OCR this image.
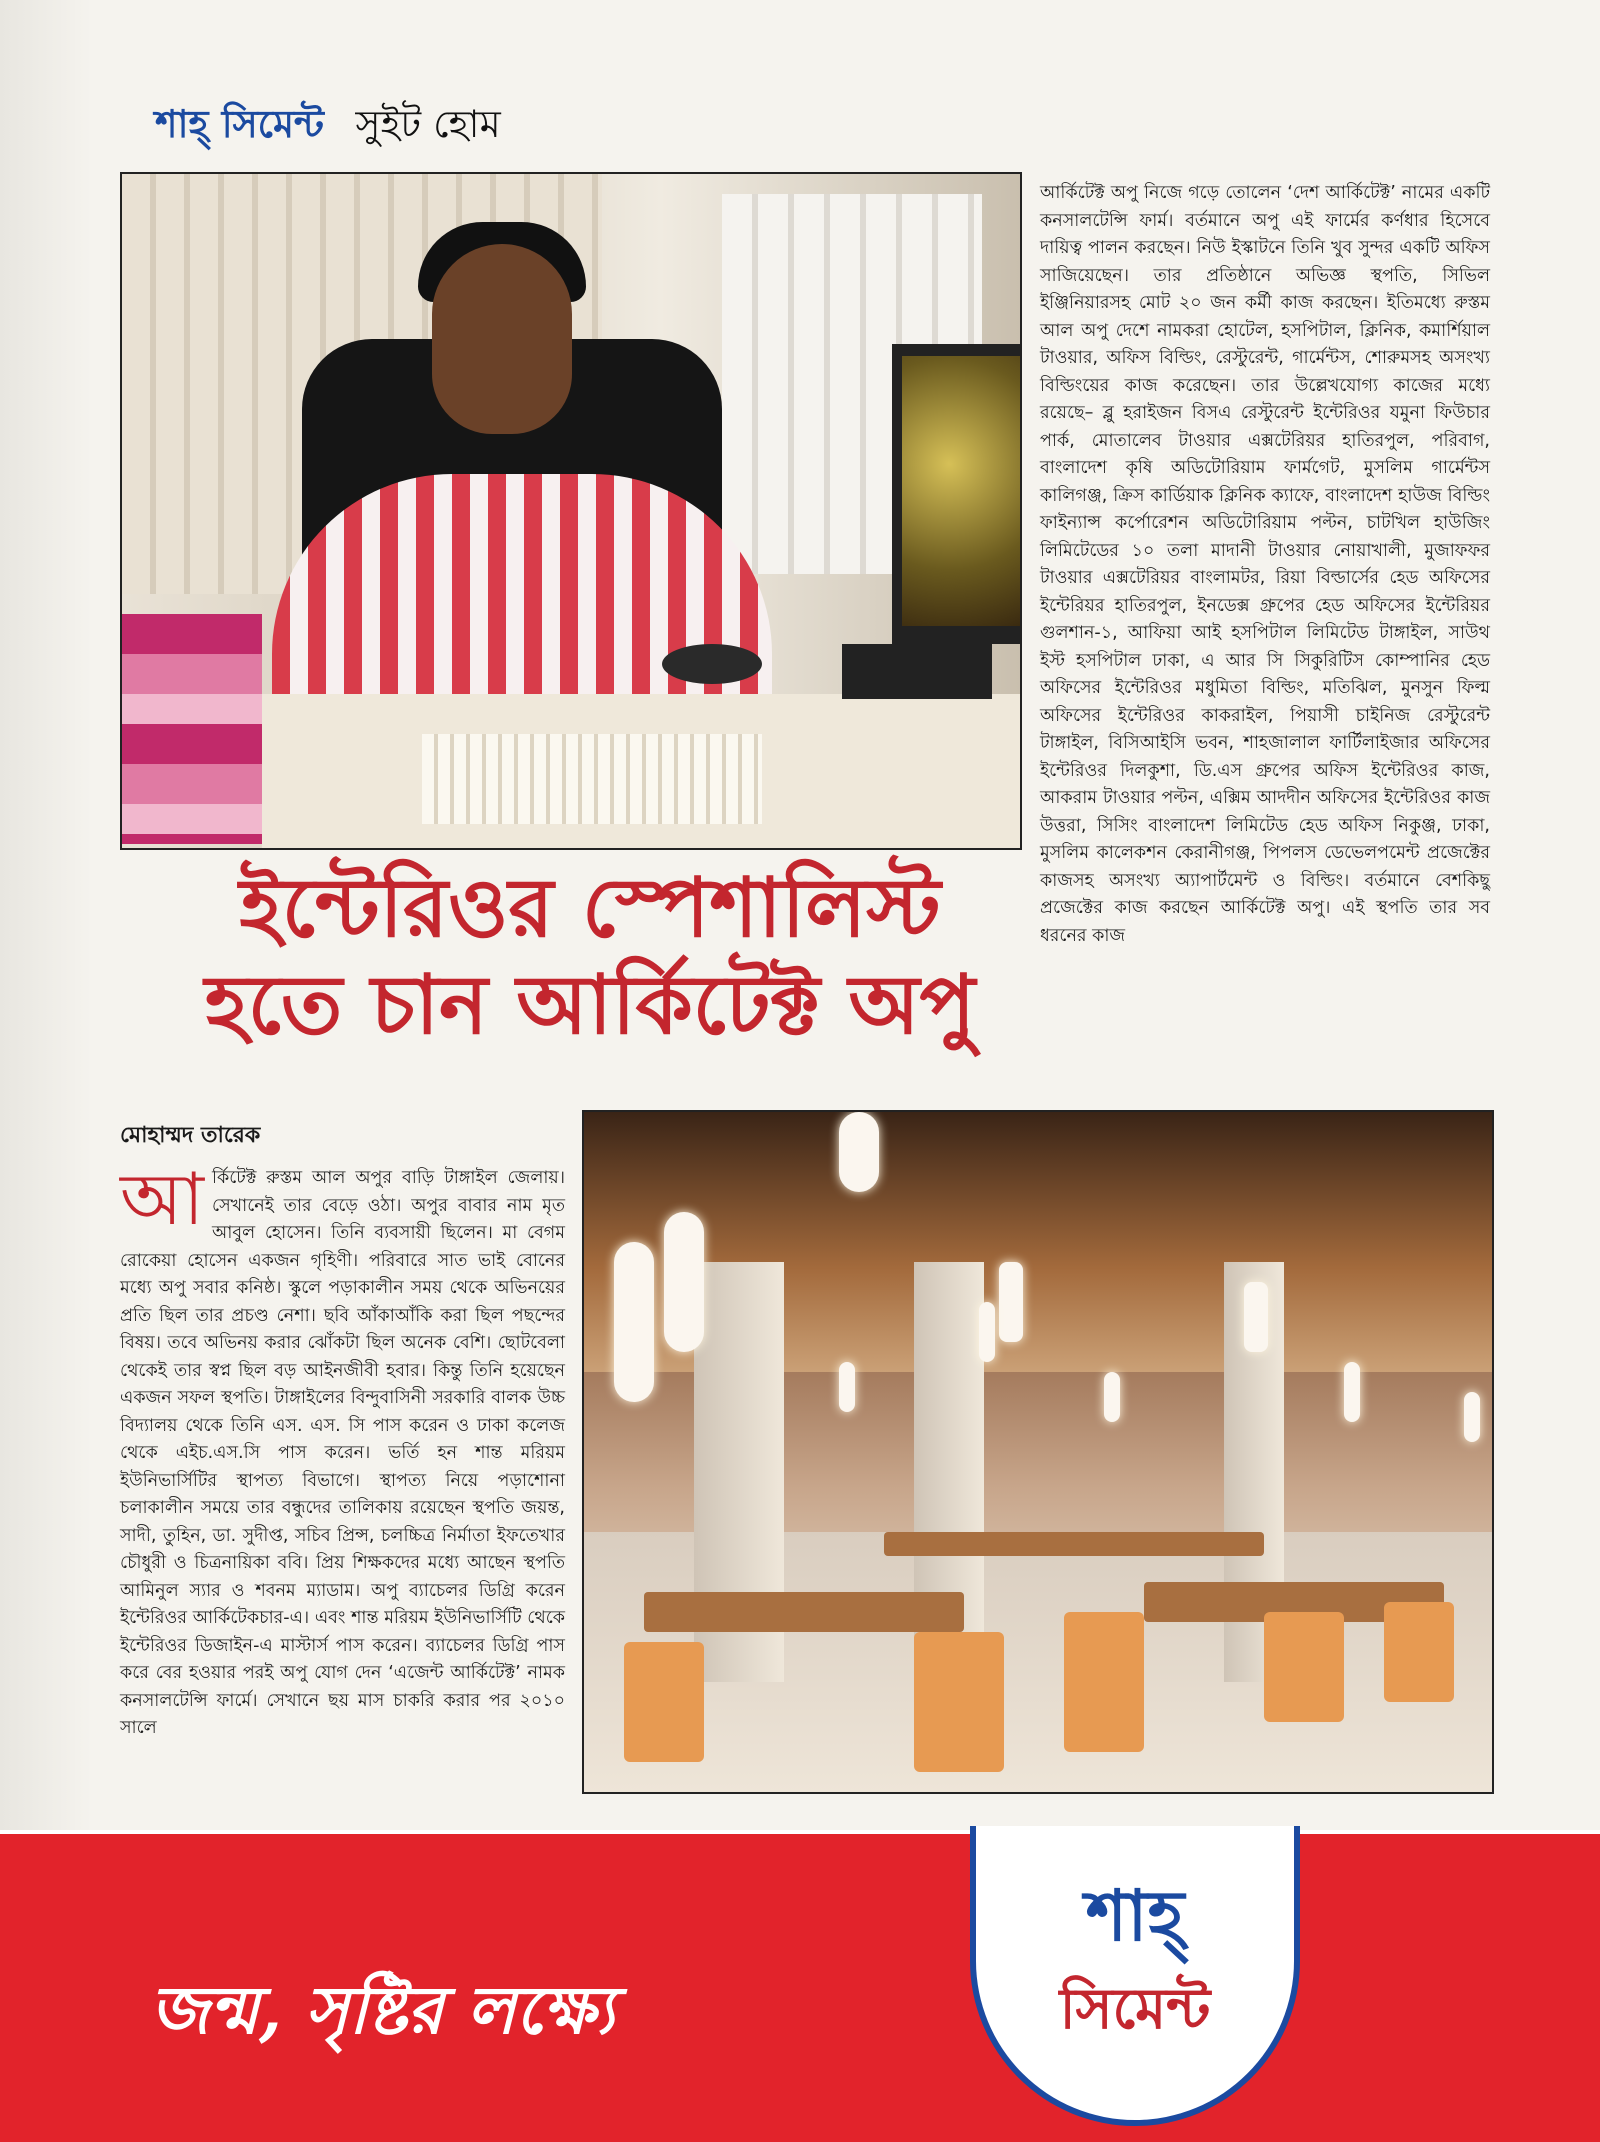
শাহ্ সিমেন্ট সুইট হোম
আর্কিটেক্ট অপু নিজে গড়ে তোলেন ‘দেশ আর্কিটেক্ট’ নামের একটি কনসালটেন্সি ফার্ম। বর্তমানে অপু এই ফার্মের কর্ণধার হিসেবে দায়িত্ব পালন করছেন। নিউ ইস্কাটনে তিনি খুব সুন্দর একটি অফিস সাজিয়েছেন। তার প্রতিষ্ঠানে অভিজ্ঞ স্থপতি, সিভিল ইঞ্জিনিয়ারসহ মোট ২০ জন কর্মী কাজ করছেন। ইতিমধ্যে রুস্তম আল অপু দেশে নামকরা হোটেল, হসপিটাল, ক্লিনিক, কমার্শিয়াল টাওয়ার, অফিস বিল্ডিং, রেস্টুরেন্ট, গার্মেন্টস, শোরুমসহ অসংখ্য বিল্ডিংয়ের কাজ করেছেন। তার উল্লেখযোগ্য কাজের মধ্যে রয়েছে– ব্লু হরাইজন বিসএ রেস্টুরেন্ট ইন্টেরিওর যমুনা ফিউচার পার্ক, মোতালেব টাওয়ার এক্সটেরিয়র হাতিরপুল, পরিবাগ, বাংলাদেশ কৃষি অডিটোরিয়াম ফার্মগেট, মুসলিম গার্মেন্টস কালিগঞ্জ, ক্রিস কার্ডিয়াক ক্লিনিক ক্যাফে, বাংলাদেশ হাউজ বিল্ডিং ফাইন্যান্স কর্পোরেশন অডিটোরিয়াম পল্টন, চাটখিল হাউজিং লিমিটেডের ১০ তলা মাদানী টাওয়ার নোয়াখালী, মুজাফফর টাওয়ার এক্সটেরিয়র বাংলামটর, রিয়া বিল্ডার্সের হেড অফিসের ইন্টেরিয়র হাতিরপুল, ইনডেক্স গ্রুপের হেড অফিসের ইন্টেরিয়র গুলশান-১, আফিয়া আই হসপিটাল লিমিটেড টাঙ্গাইল, সাউথ ইস্ট হসপিটাল ঢাকা, এ আর সি সিকুরিটিস কোম্পানির হেড অফিসের ইন্টেরিওর মধুমিতা বিল্ডিং, মতিঝিল, মুনসুন ফিল্ম অফিসের ইন্টেরিওর কাকরাইল, পিয়াসী চাইনিজ রেস্টুরেন্ট টাঙ্গাইল, বিসিআইসি ভবন, শাহজালাল ফার্টিলাইজার অফিসের ইন্টেরিওর দিলকুশা, ডি.এস গ্রুপের অফিস ইন্টেরিওর কাজ, আকরাম টাওয়ার পল্টন, এক্সিম আদদীন অফিসের ইন্টেরিওর কাজ উত্তরা, সিসিং বাংলাদেশ লিমিটেড হেড অফিস নিকুঞ্জ, ঢাকা, মুসলিম কালেকশন কেরানীগঞ্জ, পিপলস ডেভেলপমেন্ট প্রজেক্টের কাজসহ অসংখ্য অ্যাপার্টমেন্ট ও বিল্ডিং। বর্তমানে বেশকিছু প্রজেক্টের কাজ করছেন আর্কিটেক্ট অপু। এই স্থপতি তার সব ধরনের কাজ
ইন্টেরিওর স্পেশালিস্ট
হতে চান আর্কিটেক্ট অপু
মোহাম্মদ তারেক
আর্কিটেক্ট রুস্তম আল অপুর বাড়ি টাঙ্গাইল জেলায়। সেখানেই তার বেড়ে ওঠা। অপুর বাবার নাম মৃত আবুল হোসেন। তিনি ব্যবসায়ী ছিলেন। মা বেগম রোকেয়া হোসেন একজন গৃহিণী। পরিবারে সাত ভাই বোনের মধ্যে অপু সবার কনিষ্ঠ। স্কুলে পড়াকালীন সময় থেকে অভিনয়ের প্রতি ছিল তার প্রচণ্ড নেশা। ছবি আঁকাআঁকি করা ছিল পছন্দের বিষয়। তবে অভিনয় করার ঝোঁকটা ছিল অনেক বেশি। ছোটবেলা থেকেই তার স্বপ্ন ছিল বড় আইনজীবী হবার। কিন্তু তিনি হয়েছেন একজন সফল স্থপতি। টাঙ্গাইলের বিন্দুবাসিনী সরকারি বালক উচ্চ বিদ্যালয় থেকে তিনি এস. এস. সি পাস করেন ও ঢাকা কলেজ থেকে এইচ.এস.সি পাস করেন। ভর্তি হন শান্ত মরিয়ম ইউনিভার্সিটির স্থাপত্য বিভাগে। স্থাপত্য নিয়ে পড়াশোনা চলাকালীন সময়ে তার বন্ধুদের তালিকায় রয়েছেন স্থপতি জয়ন্ত, সাদী, তুহিন, ডা. সুদীপ্ত, সচিব প্রিন্স, চলচ্চিত্র নির্মাতা ইফতেখার চৌধুরী ও চিত্রনায়িকা ববি। প্রিয় শিক্ষকদের মধ্যে আছেন স্থপতি আমিনুল স্যার ও শবনম ম্যাডাম। অপু ব্যাচেলর ডিগ্রি করেন ইন্টেরিওর আর্কিটেকচার-এ। এবং শান্ত মরিয়ম ইউনিভার্সিটি থেকে ইন্টেরিওর ডিজাইন-এ মাস্টার্স পাস করেন। ব্যাচেলর ডিগ্রি পাস করে বের হওয়ার পরই অপু যোগ দেন ‘এজেন্ট আর্কিটেক্ট’ নামক কনসালটেন্সি ফার্মে। সেখানে ছয় মাস চাকরি করার পর ২০১০ সালে
জন্ম, সৃষ্টির লক্ষ্যে
শাহ্
সিমেন্ট
